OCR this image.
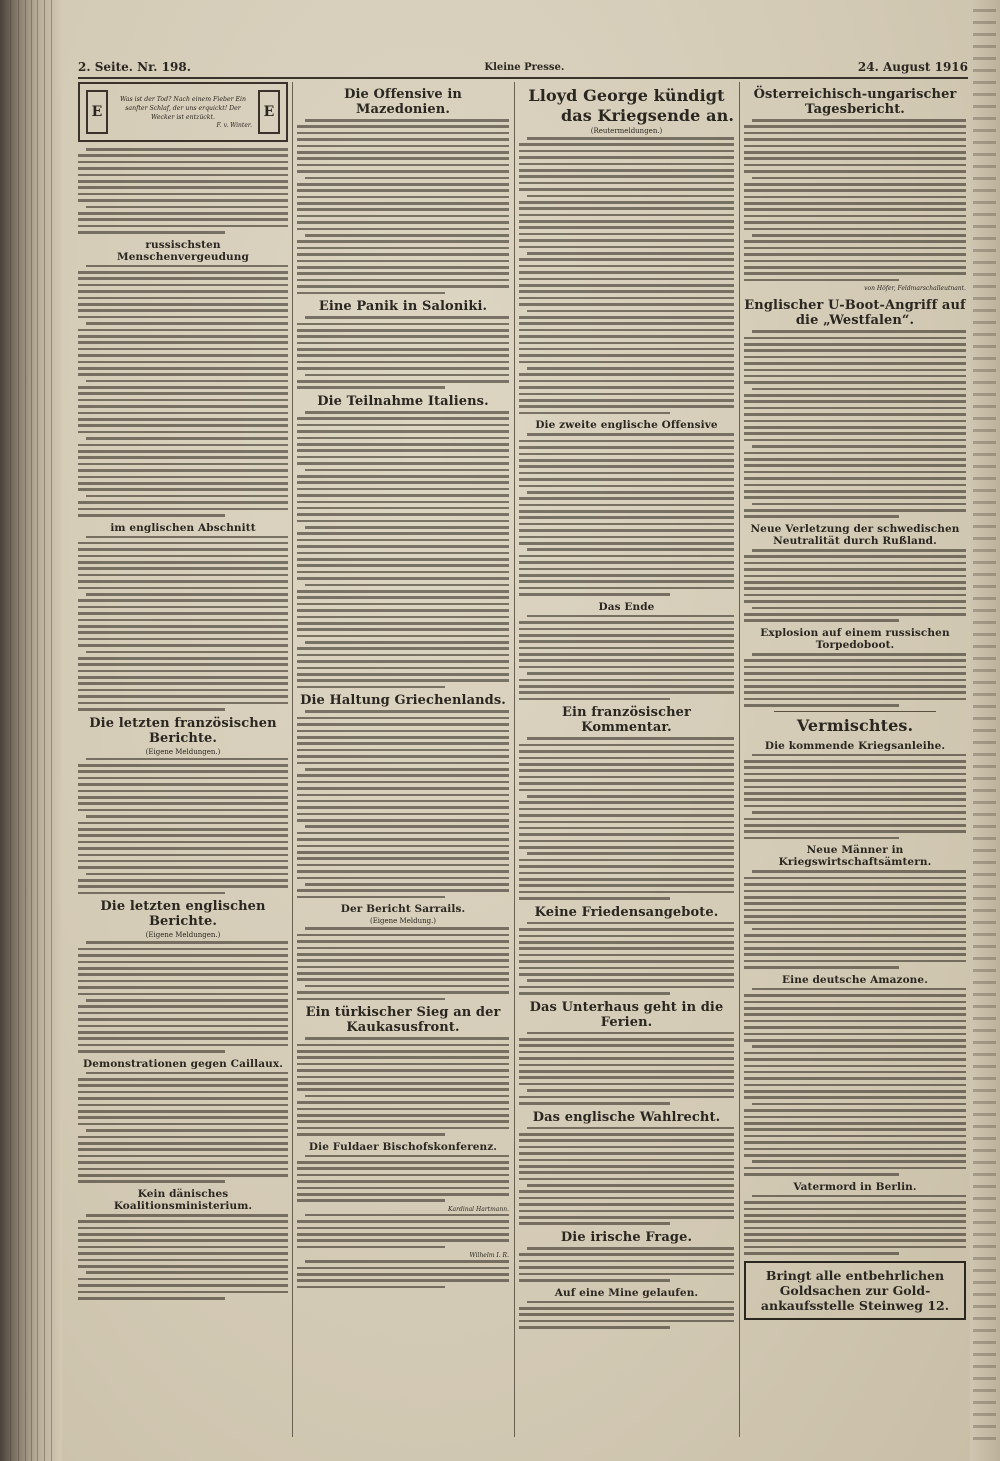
2. Seite. Nr. 198.	Kleine Presse.	24. August 1916
E
Was ist der Tod? Nach einem Fieber Ein sanfter Schlaf, der uns erquickt! Der Wecker ist entzückt.
F. v. Winter.
E
russischsten Menschenvergeudung
im englischen Abschnitt
Die letzten französischen Berichte.
(Eigene Meldungen.)
Die letzten englischen Berichte.
(Eigene Meldungen.)
Demonstrationen gegen Caillaux.
Kein dänisches Koalitionsministerium.
Die Offensive in Mazedonien.
Eine Panik in Saloniki.
Die Teilnahme Italiens.
Die Haltung Griechenlands.
Der Bericht Sarrails.
(Eigene Meldung.)
Ein türkischer Sieg an der Kaukasusfront.
Die Fuldaer Bischofskonferenz.
Kardinal Hartmann.
Wilhelm I. R.
Lloyd George kündigt
das Kriegsende an.
(Reutermeldungen.)
Die zweite englische Offensive
Das Ende
Ein französischer Kommentar.
Keine Friedensangebote.
Das Unterhaus geht in die Ferien.
Das englische Wahlrecht.
Die irische Frage.
Auf eine Mine gelaufen.
Österreichisch-ungarischer Tagesbericht.
von Höfer, Feldmarschalleutnant.
Englischer U-Boot-Angriff auf die „Westfalen“.
Neue Verletzung der schwedischen Neutralität durch Rußland.
Explosion auf einem russischen Torpedoboot.
Vermischtes.
Die kommende Kriegsanleihe.
Neue Männer in Kriegswirtschaftsämtern.
Eine deutsche Amazone.
Vatermord in Berlin.
Bringt alle entbehrlichen
Goldsachen zur Gold-
ankaufsstelle Steinweg 12.
